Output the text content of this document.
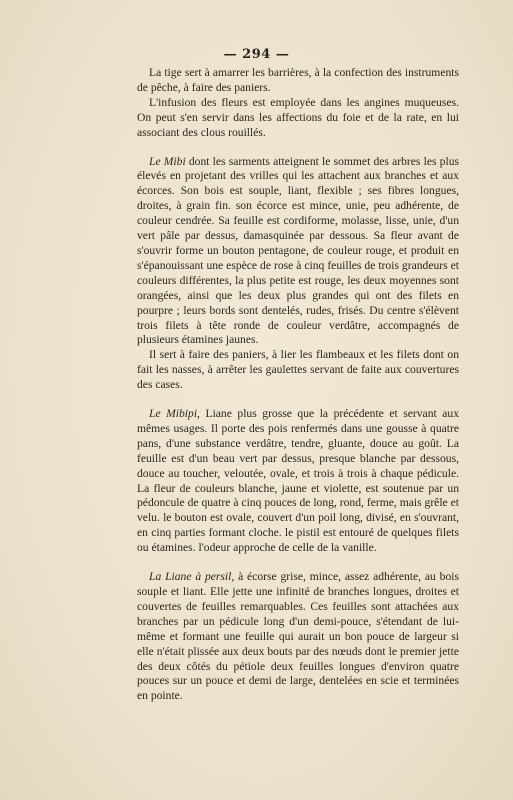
— 294 —

La tige sert à amarrer les barrières, à la confection des instruments de pêche, à faire des paniers.

L'infusion des fleurs est employée dans les angines muqueuses. On peut s'en servir dans les affections du foie et de la rate, en lui associant des clous rouillés.

Le Mibi dont les sarments atteignent le sommet des arbres les plus élevés en projetant des vrilles qui les attachent aux branches et aux écorces. Son bois est souple, liant, flexible ; ses fibres longues, droites, à grain fin. son écorce est mince, unie, peu adhérente, de couleur cendrée. Sa feuille est cordiforme, molasse, lisse, unie, d'un vert pâle par dessus, damasquinée par dessous. Sa fleur avant de s'ouvrir forme un bouton pentagone, de couleur rouge, et produit en s'épanouissant une espèce de rose à cinq feuilles de trois grandeurs et couleurs différentes, la plus petite est rouge, les deux moyennes sont orangées, ainsi que les deux plus grandes qui ont des filets en pourpre ; leurs bords sont dentelés, rudes, frisés. Du centre s'élèvent trois filets à tête ronde de couleur verdâtre, accompagnés de plusieurs étamines jaunes.

Il sert à faire des paniers, à lier les flambeaux et les filets dont on fait les nasses, à arrêter les gaulettes servant de faite aux couvertures des cases.

Le Mibipi, Liane plus grosse que la précédente et servant aux mêmes usages. Il porte des pois renfermés dans une gousse à quatre pans, d'une substance verdâtre, tendre, gluante, douce au goût. La feuille est d'un beau vert par dessus, presque blanche par dessous, douce au toucher, veloutée, ovale, et trois à trois à chaque pédicule. La fleur de couleurs blanche, jaune et violette, est soutenue par un pédoncule de quatre à cinq pouces de long, rond, ferme, mais grêle et velu. le bouton est ovale, couvert d'un poil long, divisé, en s'ouvrant, en cinq parties formant cloche. le pistil est entouré de quelques filets ou étamines. l'odeur approche de celle de la vanille.

La Liane à persil, à écorse grise, mince, assez adhérente, au bois souple et liant. Elle jette une infinité de branches longues, droites et couvertes de feuilles remarquables. Ces feuilles sont attachées aux branches par un pédicule long d'un demi-pouce, s'étendant de lui-même et formant une feuille qui aurait un bon pouce de largeur si elle n'était plissée aux deux bouts par des nœuds dont le premier jette des deux côtés du pétiole deux feuilles longues d'environ quatre pouces sur un pouce et demi de large, dentelées en scie et terminées en pointe.
